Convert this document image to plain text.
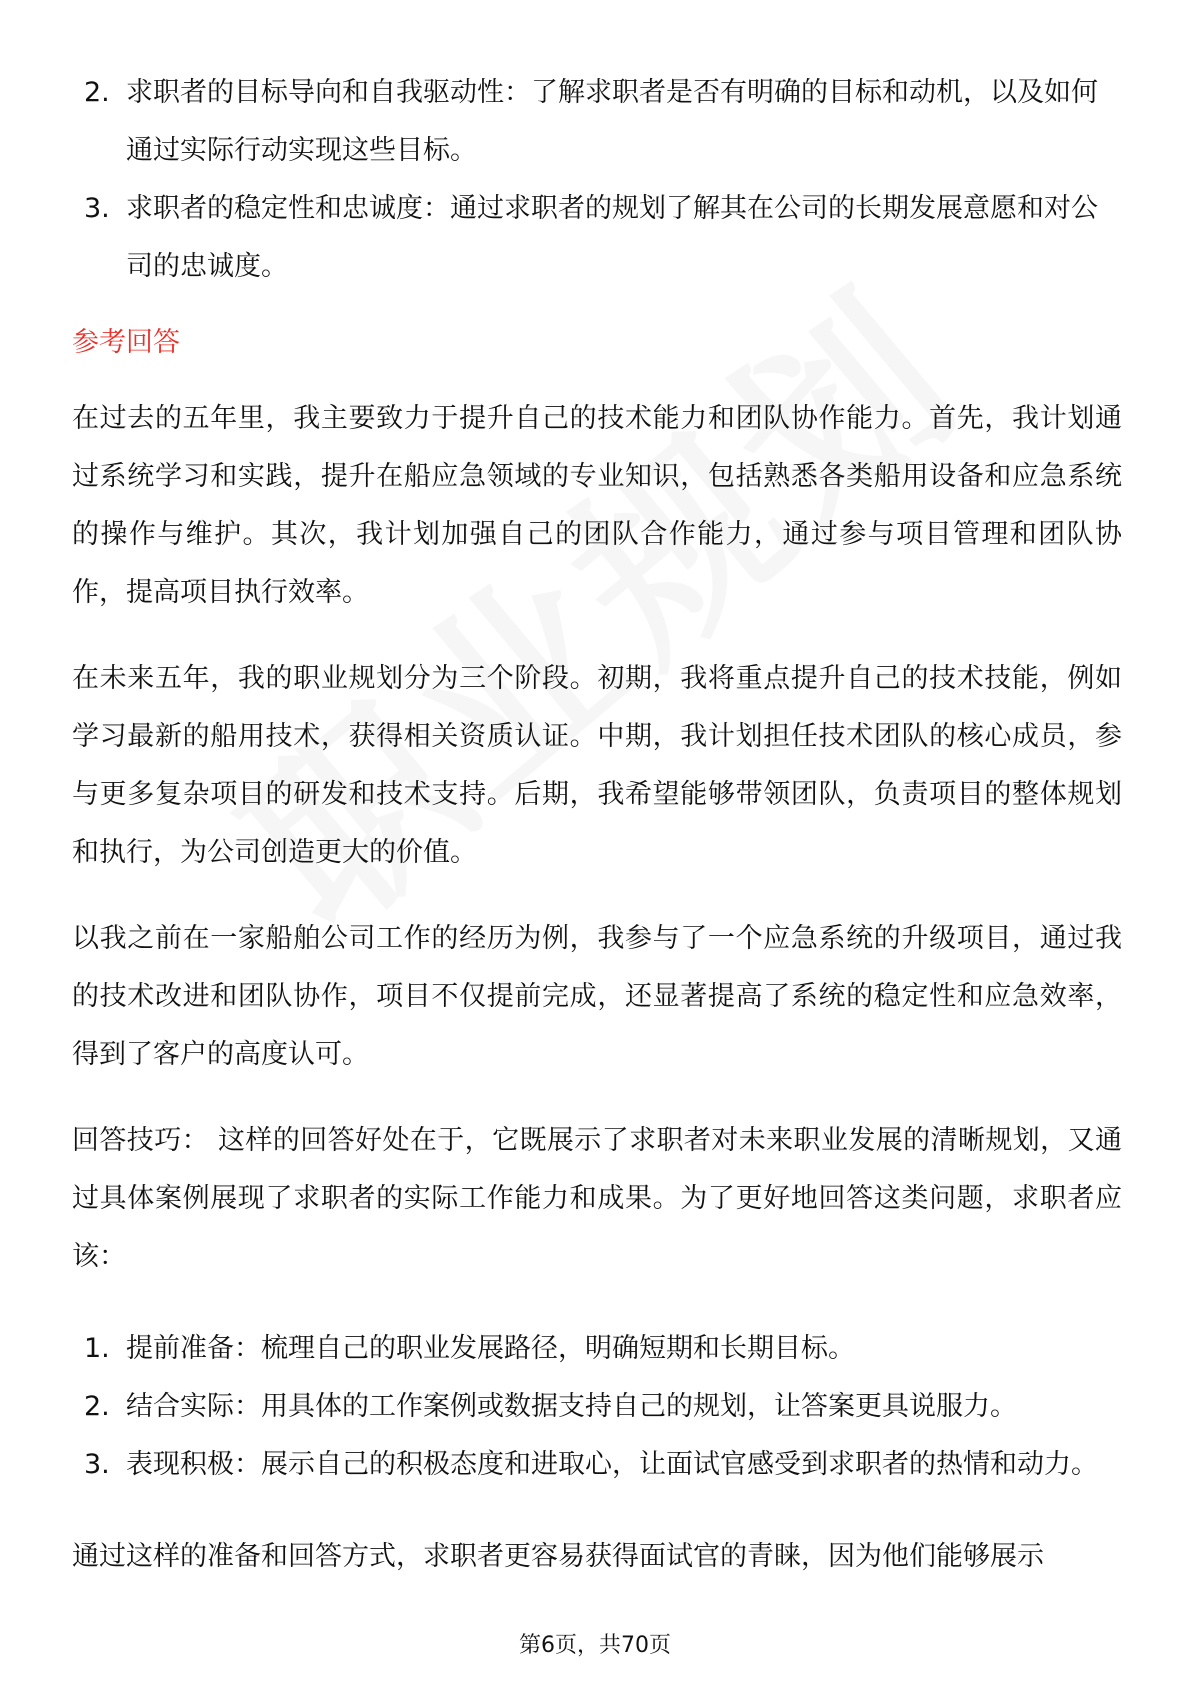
2. 求职者的目标导向和自我驱动性：了解求职者是否有明确的目标和动机，以及如何通过实际行动实现这些目标。
3. 求职者的稳定性和忠诚度：通过求职者的规划了解其在公司的长期发展意愿和对公司的忠诚度。
参考回答

在过去的五年里，我主要致力于提升自己的技术能力和团队协作能力。首先，我计划通过系统学习和实践，提升在船应急领域的专业知识，包括熟悉各类船用设备和应急系统的操作与维护。其次，我计划加强自己的团队合作能力，通过参与项目管理和团队协作，提高项目执行效率。

在未来五年，我的职业规划分为三个阶段。初期，我将重点提升自己的技术技能，例如学习最新的船用技术，获得相关资质认证。中期，我计划担任技术团队的核心成员，参与更多复杂项目的研发和技术支持。后期，我希望能够带领团队，负责项目的整体规划和执行，为公司创造更大的价值。

以我之前在一家船舶公司工作的经历为例，我参与了一个应急系统的升级项目，通过我的技术改进和团队协作，项目不仅提前完成，还显著提高了系统的稳定性和应急效率，得到了客户的高度认可。

回答技巧： 这样的回答好处在于，它既展示了求职者对未来职业发展的清晰规划，又通过具体案例展现了求职者的实际工作能力和成果。为了更好地回答这类问题，求职者应该：

1. 提前准备：梳理自己的职业发展路径，明确短期和长期目标。
2. 结合实际：用具体的工作案例或数据支持自己的规划，让答案更具说服力。
3. 表现积极：展示自己的积极态度和进取心，让面试官感受到求职者的热情和动力。

通过这样的准备和回答方式，求职者更容易获得面试官的青睐，因为他们能够展示

第6页，共70页
